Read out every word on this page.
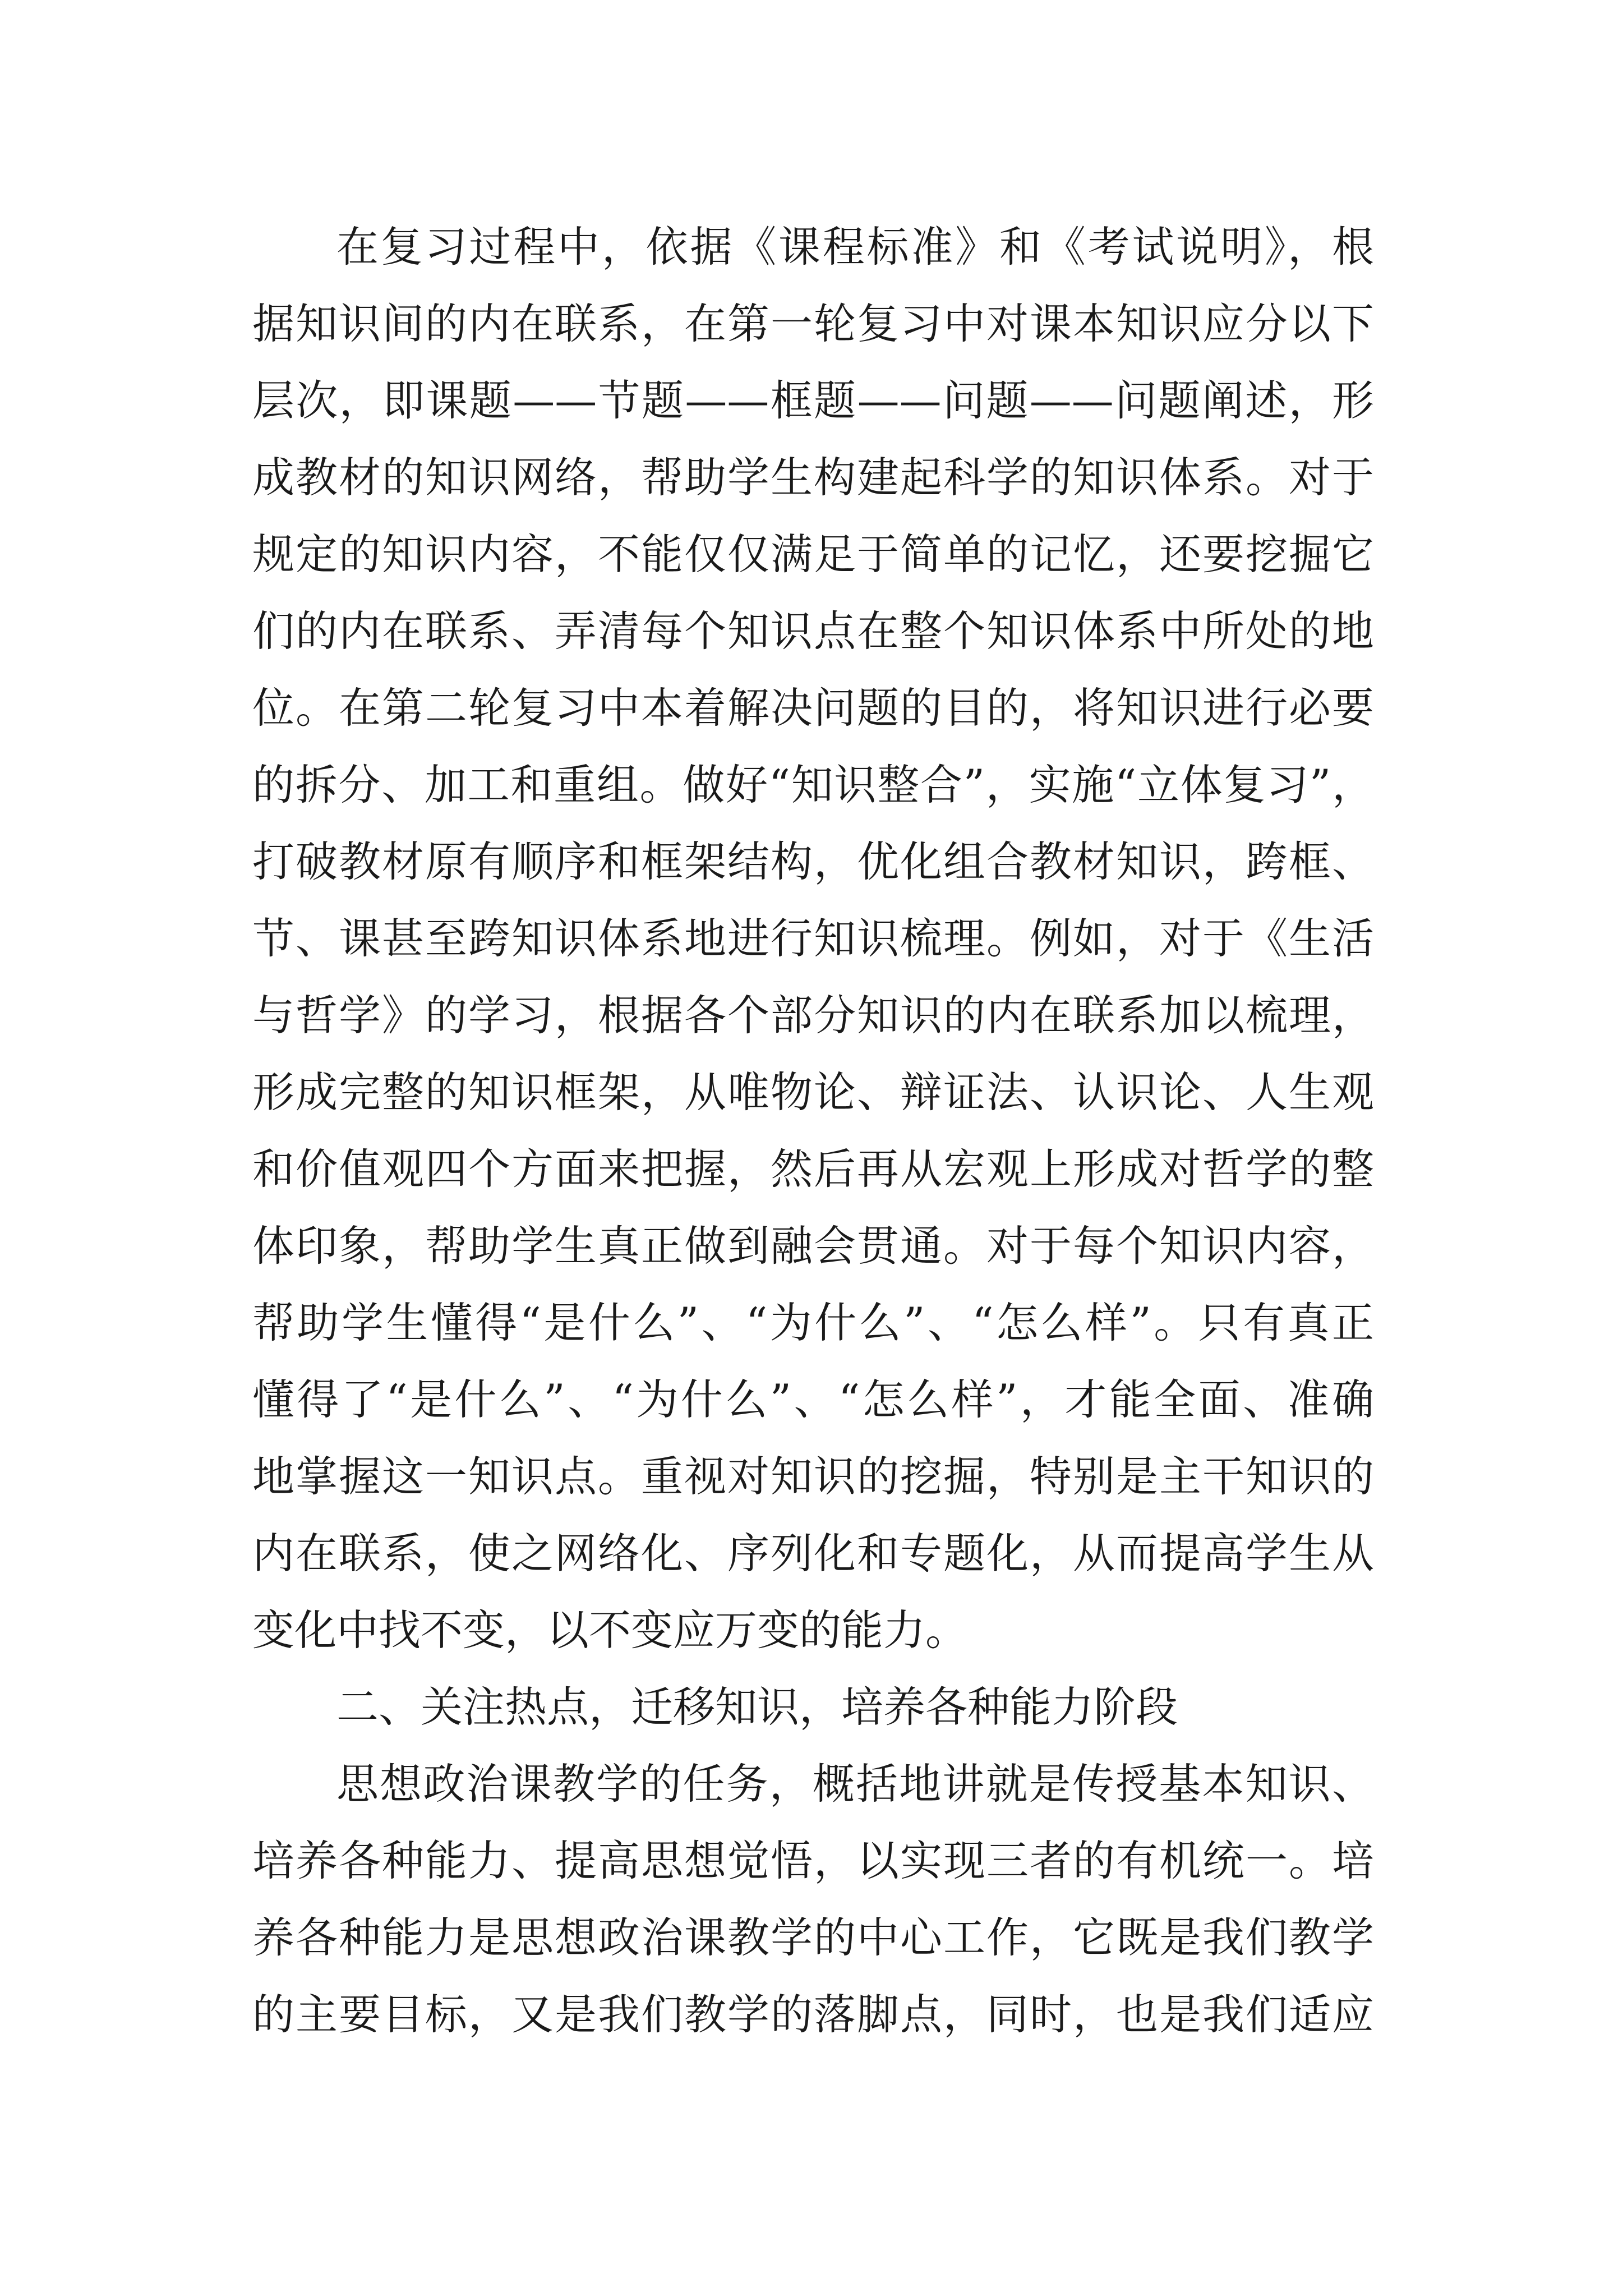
在复习过程中，依据《课程标准》和《考试说明》，根
据知识间的内在联系，在第一轮复习中对课本知识应分以下
层次，即课题——节题——框题——问题——问题阐述，形
成教材的知识网络，帮助学生构建起科学的知识体系。对于
规定的知识内容，不能仅仅满足于简单的记忆，还要挖掘它
们的内在联系、弄清每个知识点在整个知识体系中所处的地
位。在第二轮复习中本着解决问题的目的，将知识进行必要
的拆分、加工和重组。做好“知识整合”，实施“立体复习”，
打破教材原有顺序和框架结构，优化组合教材知识，跨框、
节、课甚至跨知识体系地进行知识梳理。例如，对于《生活
与哲学》的学习，根据各个部分知识的内在联系加以梳理，
形成完整的知识框架，从唯物论、辩证法、认识论、人生观
和价值观四个方面来把握，然后再从宏观上形成对哲学的整
体印象，帮助学生真正做到融会贯通。对于每个知识内容，
帮助学生懂得“是什么”、“为什么”、“怎么样”。只有真正
懂得了“是什么”、“为什么”、“怎么样”，才能全面、准确
地掌握这一知识点。重视对知识的挖掘，特别是主干知识的
内在联系，使之网络化、序列化和专题化，从而提高学生从
变化中找不变，以不变应万变的能力。
二、关注热点，迁移知识，培养各种能力阶段
思想政治课教学的任务，概括地讲就是传授基本知识、
培养各种能力、提高思想觉悟，以实现三者的有机统一。培
养各种能力是思想政治课教学的中心工作，它既是我们教学
的主要目标，又是我们教学的落脚点，同时，也是我们适应
